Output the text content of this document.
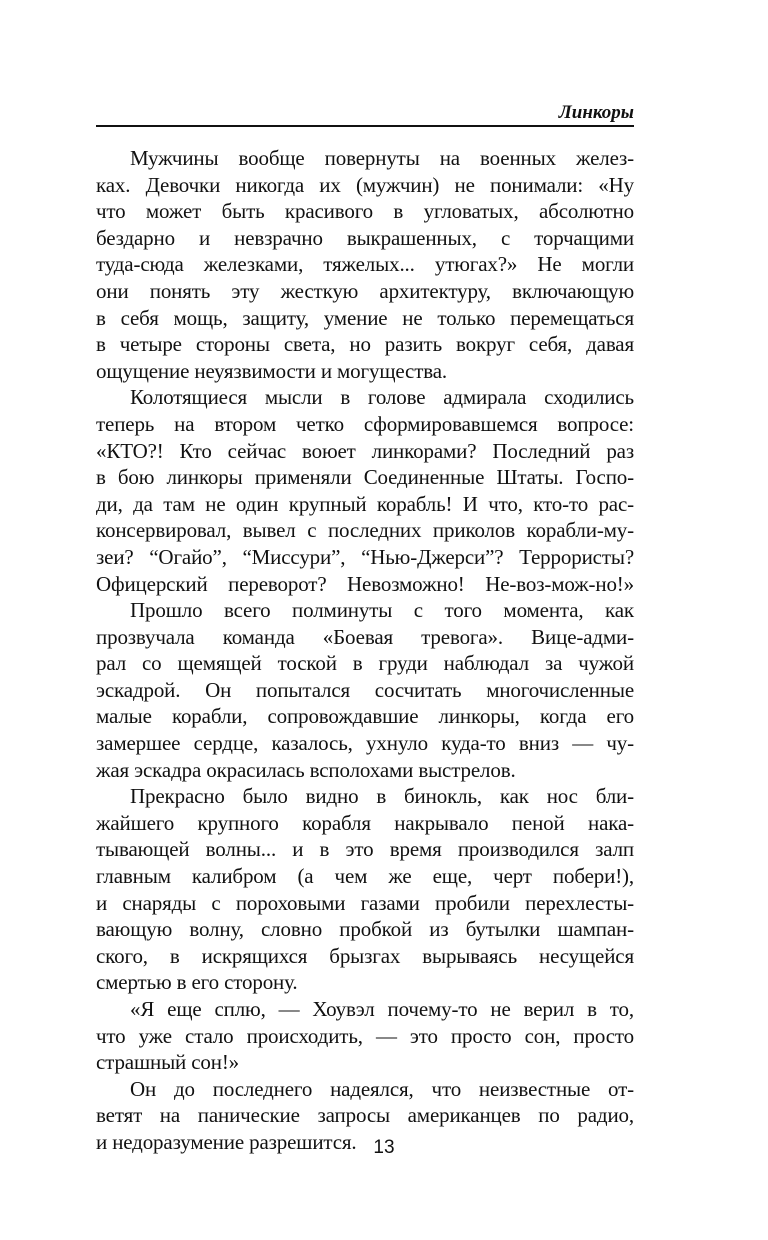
Линкоры
Мужчины вообще повернуты на военных желез-
ках. Девочки никогда их (мужчин) не понимали: «Ну
что может быть красивого в угловатых, абсолютно
бездарно и невзрачно выкрашенных, с торчащими
туда-сюда железками, тяжелых... утюгах?» Не могли
они понять эту жесткую архитектуру, включающую
в себя мощь, защиту, умение не только перемещаться
в четыре стороны света, но разить вокруг себя, давая
ощущение неуязвимости и могущества.
Колотящиеся мысли в голове адмирала сходились
теперь на втором четко сформировавшемся вопросе:
«КТО?! Кто сейчас воюет линкорами? Последний раз
в бою линкоры применяли Соединенные Штаты. Госпо-
ди, да там не один крупный корабль! И что, кто-то рас-
консервировал, вывел с последних приколов корабли-му-
зеи? “Огайо”, “Миссури”, “Нью-Джерси”? Террористы?
Офицерский переворот? Невозможно! Не-воз-мож-но!»
Прошло всего полминуты с того момента, как
прозвучала команда «Боевая тревога». Вице-адми-
рал со щемящей тоской в груди наблюдал за чужой
эскадрой. Он попытался сосчитать многочисленные
малые корабли, сопровождавшие линкоры, когда его
замершее сердце, казалось, ухнуло куда-то вниз — чу-
жая эскадра окрасилась всполохами выстрелов.
Прекрасно было видно в бинокль, как нос бли-
жайшего крупного корабля накрывало пеной нака-
тывающей волны... и в это время производился залп
главным калибром (а чем же еще, черт побери!),
и снаряды с пороховыми газами пробили перехлесты-
вающую волну, словно пробкой из бутылки шампан-
ского, в искрящихся брызгах вырываясь несущейся
смертью в его сторону.
«Я еще сплю, — Хоувэл почему-то не верил в то,
что уже стало происходить, — это просто сон, просто
страшный сон!»
Он до последнего надеялся, что неизвестные от-
ветят на панические запросы американцев по радио,
и недоразумение разрешится. 13
